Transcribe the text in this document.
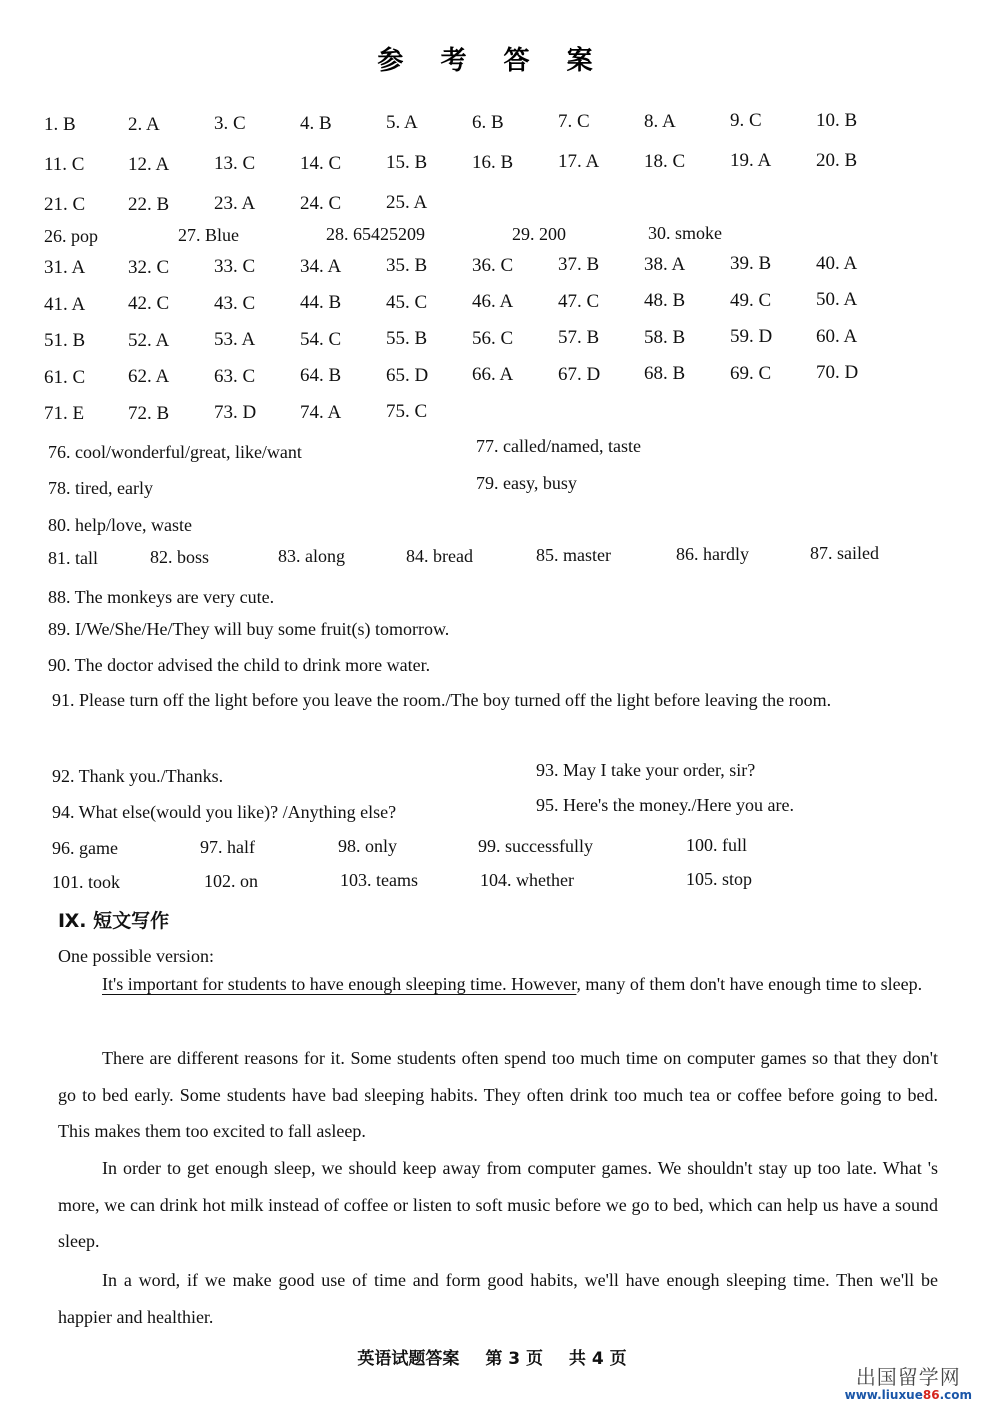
参 考 答 案
1. B	2. A	3. C	4. B	5. A	6. B	7. C	8. A	9. C	10. B
11. C 12. A 13. C 14. C 15. B 16. B 17. A 18. C 19. A 20. B
21. C 22. B 23. A 24. C 25. A
26. pop	27. Blue	28. 65425209	29. 200	30. smoke
31. A 32. C 33. C 34. A 35. B 36. C 37. B 38. A 39. B 40. A
41. A 42. C 43. C 44. B 45. C 46. A 47. C 48. B 49. C 50. A
51. B 52. A 53. A 54. C 55. B 56. C 57. B 58. B 59. D 60. A
61. C 62. A 63. C 64. B 65. D 66. A 67. D 68. B 69. C 70. D
71. E 72. B 73. D 74. A 75. C
76. cool/wonderful/great, like/want	77. called/named, taste
78. tired, early	79. easy, busy
80. help/love, waste
81. tall	82. boss	83. along	84. bread	85. master	86. hardly	87. sailed
88. The monkeys are very cute.
89. I/We/She/He/They will buy some fruit(s) tomorrow.
90. The doctor advised the child to drink more water.
91. Please turn off the light before you leave the room./The boy turned off the light before leaving the room.
92. Thank you./Thanks.	93. May I take your order, sir?
94. What else(would you like)? /Anything else?	95. Here's the money./Here you are.
96. game	97. half	98. only	99. successfully	100. full
101. took	102. on	103. teams	104. whether	105. stop
Ⅸ. 短文写作
One possible version:
It's important for students to have enough sleeping time. However, many of them don't have enough time to sleep.
There are different reasons for it. Some students often spend too much time on computer games so that they don't go to bed early. Some students have bad sleeping habits. They often drink too much tea or coffee before going to bed. This makes them too excited to fall asleep.
In order to get enough sleep, we should keep away from computer games. We shouldn't stay up too late. What 's more, we can drink hot milk instead of coffee or listen to soft music before we go to bed, which can help us have a sound sleep.
In a word, if we make good use of time and form good habits, we'll have enough sleeping time. Then we'll be happier and healthier.
英语试题答案 第 3 页 共 4 页
出国留学网
www.liuxue86.com
